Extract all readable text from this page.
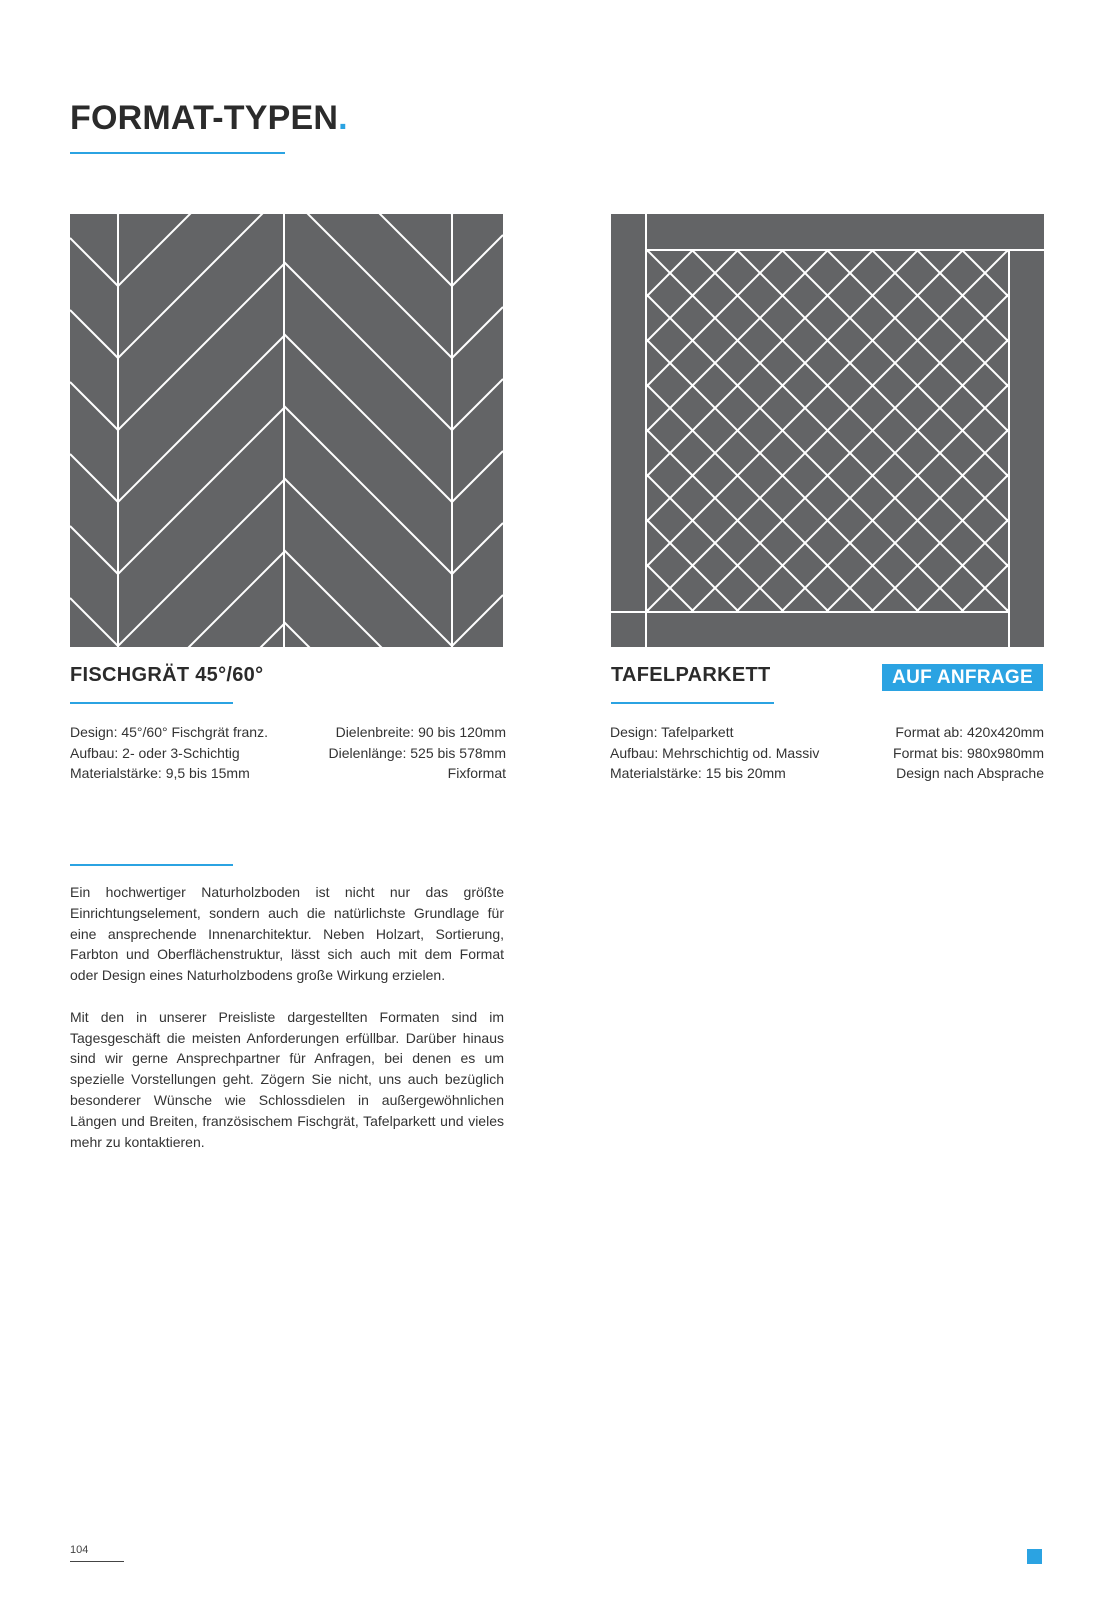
FORMAT-TYPEN.
FISCHGRÄT 45°/60°
Design: 45°/60° Fischgrät franz.
Aufbau: 2- oder 3-Schichtig
Materialstärke: 9,5 bis 15mm
Dielenbreite: 90 bis 120mm
Dielenlänge: 525 bis 578mm
Fixformat
TAFELPARKETT	AUF ANFRAGE
Design: Tafelparkett
Aufbau: Mehrschichtig od. Massiv
Materialstärke: 15 bis 20mm
Format ab: 420x420mm
Format bis: 980x980mm
Design nach Absprache

Ein hochwertiger Naturholzboden ist nicht nur das größte Einrichtungselement, sondern auch die natürlichste Grundlage für eine ansprechende Innenarchitektur. Neben Holzart, Sortierung, Farbton und Oberflächenstruktur, lässt sich auch mit dem Format oder Design eines Naturholzbodens große Wirkung erzielen.

Mit den in unserer Preisliste dargestellten Formaten sind im Tagesgeschäft die meisten Anforderungen erfüllbar. Darüber hinaus sind wir gerne Ansprechpartner für Anfragen, bei denen es um spezielle Vorstellungen geht. Zögern Sie nicht, uns auch bezüglich besonderer Wünsche wie Schlossdielen in außergewöhnlichen Längen und Breiten, französischem Fischgrät, Tafelparkett und vieles mehr zu kontaktieren.

104
